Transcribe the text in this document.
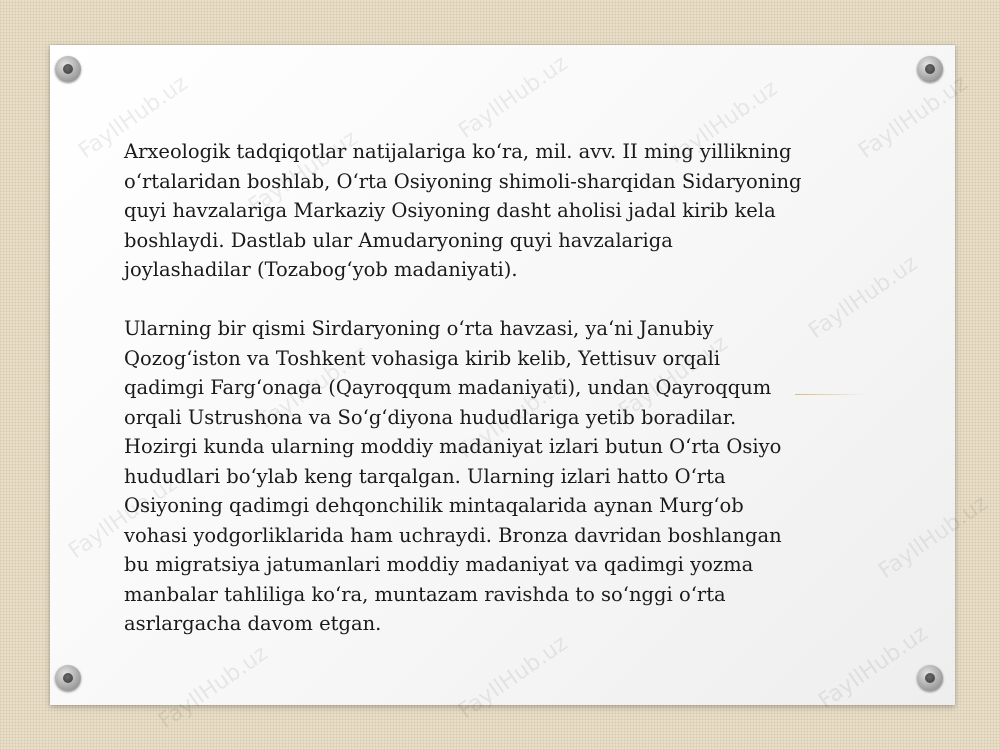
FayIlHub.uz
FayIlHub.uz
FayIlHub.uz	FayIlHub.uz	FayIlHub.uz
FayIlHub.uz	FayIlHub.uz FayIlHub.uz
FayIlHub.uz
FayIlHub.uz	FayIlHub.uz
FayIlHub.uz	FayIlHub.uz	FayIlHub.uz

Arxeologik tadqiqotlar natijalariga ko‘ra, mil. avv. II ming yillikning
o‘rtalaridan boshlab, O‘rta Osiyoning shimoli-sharqidan Sidaryoning
quyi havzalariga Markaziy Osiyoning dasht aholisi jadal kirib kela
boshlaydi. Dastlab ular Amudaryoning quyi havzalariga
joylashadilar (Tozabog‘yob madaniyati).

Ularning bir qismi Sirdaryoning o‘rta havzasi, ya‘ni Janubiy
Qozog‘iston va Toshkent vohasiga kirib kelib, Yettisuv orqali
qadimgi Farg‘onaga (Qayroqqum madaniyati), undan Qayroqqum
orqali Ustrushona va So‘g‘diyona hududlariga yetib boradilar.
Hozirgi kunda ularning moddiy madaniyat izlari butun O‘rta Osiyo
hududlari bo‘ylab keng tarqalgan. Ularning izlari hatto O‘rta
Osiyoning qadimgi dehqonchilik mintaqalarida aynan Murg‘ob
vohasi yodgorliklarida ham uchraydi. Bronza davridan boshlangan
bu migratsiya jatumanlari moddiy madaniyat va qadimgi yozma
manbalar tahliliga ko‘ra, muntazam ravishda to so‘nggi o‘rta
asrlargacha davom etgan.
